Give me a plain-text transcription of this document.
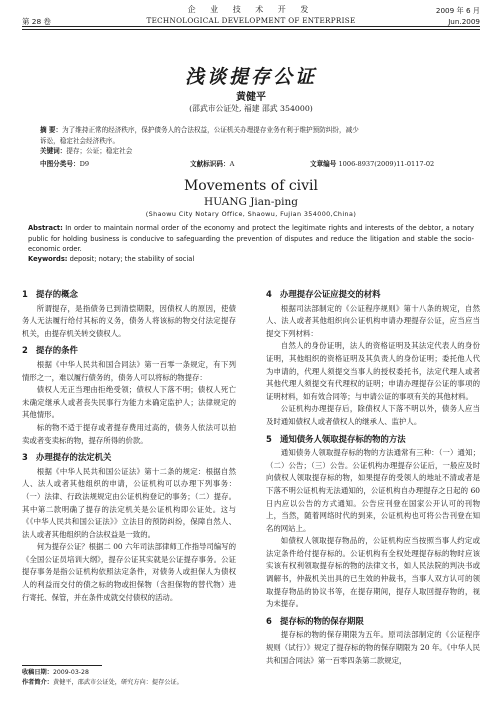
企 业 技 术 开 发
TECHNOLOGICAL DEVELOPMENT OF ENTERPRISE
第 28 卷
2009 年 6 月
Jun.2009
浅谈提存公证
黄健平
(邵武市公证处, 福建 邵武 354000)
摘 要：为了维持正常的经济秩序，保护债务人的合法权益，公证机关办理提存业务有利于维护预防纠纷，减少
诉讼，稳定社会经济秩序。
关键词：提存；公证；稳定社会
中图分类号：D9	文献标识码：A	文章编号 1006-8937(2009)11-0117-02
Movements of civil
HUANG Jian-ping
(Shaowu City Notary Office, Shaowu, Fujian 354000,China)
Abstract: In order to maintain normal order of the economy and protect the legitimate rights and interests of the debtor, a notary public for holding business is conducive to safeguarding the prevention of disputes and reduce the litigation and stable the socio-economic order.
Keywords: deposit; notary; the stability of social
1 提存的概念

所谓提存，是指债务已到清偿期限，因债权人的原因，使债务人无法履行给付其标的义务，债务人将该标的物交付法定提存机关，由提存机关转交债权人。

2 提存的条件

根据《中华人民共和国合同法》第一百零一条规定，有下列情形之一，难以履行债务的，债务人可以将标的物提存：

债权人无正当理由拒绝受领；债权人下落不明；债权人死亡未确定继承人或者丧失民事行为能力未确定监护人；法律规定的其他情形。

标的物不适于提存或者提存费用过高的，债务人依法可以拍卖或者变卖标的物，提存所得的价款。

3 办理提存的法定机关

根据《中华人民共和国公证法》第十二条的规定：根据自然人、法人或者其他组织的申请，公证机构可以办理下列事务：（一）法律、行政法规规定由公证机构登记的事务；（二）提存。其中第二款明确了提存的法定机关是公证机构即公证处。这与《《中华人民共和国公证法》》立法目的预防纠纷，保障自然人、法人或者其他组织的合法权益是一致的。

何为提存公证？根据二 00 六年司法部律师工作指导司编写的《全国公证员培训大纲》，提存公证其实就是公证提存事务。公证提存事务是指公证机构依照法定条件，对债务人或担保人为债权人的利益而交付的债之标的物或担保物（含担保物的替代物）进行寄托、保管，并在条件成就交付债权的活动。

4 办理提存公证应提交的材料

根据司法部制定的《公证程序规则》第十八条的规定，自然人、法人或者其他组织向公证机构申请办理提存公证，应当应当提交下列材料：

自然人的身份证明，法人的资格证明及其法定代表人的身份证明，其他组织的资格证明及其负责人的身份证明；委托他人代为申请的，代理人须提交当事人的授权委托书，法定代理人或者其他代理人须提交有代理权的证明；申请办理提存公证的事项的证明材料，如有效合同等；与申请公证的事项有关的其他材料。

公证机构办理提存后，除债权人下落不明以外，债务人应当及时通知债权人或者债权人的继承人、监护人。

5 通知债务人领取提存标的物的方法

通知债务人领取提存标的物的方法通常有三种：（一）通知；（二）公告；（三）公告。公证机构办理提存公证后，一般应及时向债权人领取提存标的物，如果提存的受领人的地址不清或者是下落不明公证机构无法通知的，公证机构自办理提存之日起的 60 日内应以公告的方式通知。公告应刊登在国家公开认可的刊物上，当然，随着网络时代的到来，公证机构也可将公告刊登在知名的网站上。

如债权人领取提存物品的，公证机构应当按照当事人约定或法定条件给付提存标的。公证机构有全权处理提存标的物时应该实该有权利领取提存标的物的法律文书，如人民法院的判决书或调解书，仲裁机关出具的已生效的仲裁书，当事人双方认可的领取提存物品的协议书等，在提存期间，提存人取回提存物的，视为未提存。

6 提存标的物的保存期限

提存标的物的保存期限为五年。原司法部制定的《公证程序规则（试行）》规定了提存标的物的保存期限为 20 年。《中华人民共和国合同法》第一百零四条第二款规定，

收稿日期：2009-03-28
作者简介：黄健平，邵武市公证处，研究方向：提存公证。
